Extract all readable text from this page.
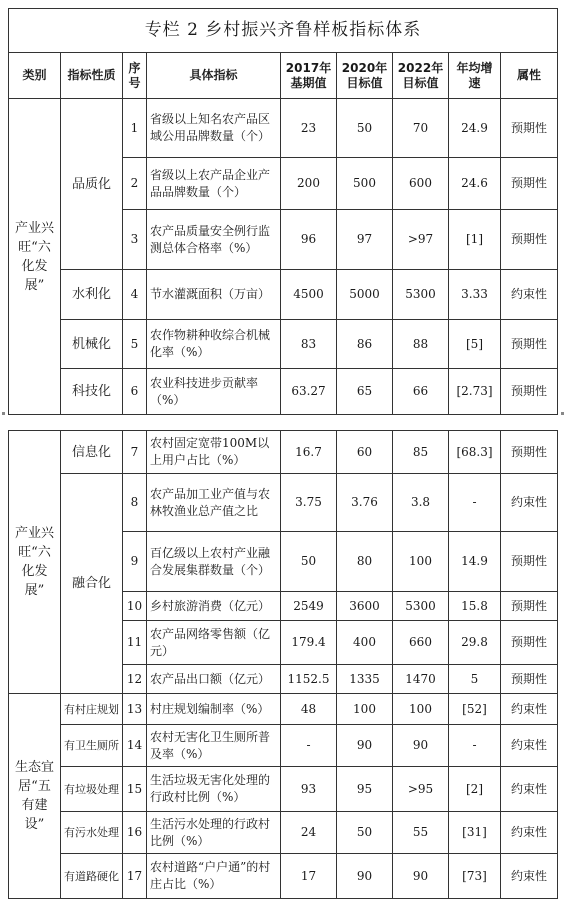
专栏 2 乡村振兴齐鲁样板指标体系								
类别	指标性质	序号	具体指标	2017年基期值	2020年目标值	2022年目标值	年均增速	属性
产业兴旺“六化发展”	品质化	1	省级以上知名农产品区域公用品牌数量（个）	23	50	70	24.9	预期性
		2	省级以上农产品企业产品品牌数量（个）	200	500	600	24.6	预期性
		3	农产品质量安全例行监测总体合格率（%）	96	97	>97	[1]	预期性
	水利化	4	节水灌溉面积（万亩）	4500	5000	5300	3.33	约束性
	机械化	5	农作物耕种收综合机械化率（%）	83	86	88	[5]	预期性
	科技化	6	农业科技进步贡献率（%）	63.27	65	66	[2.73]	预期性
产业兴旺“六化发展”	信息化	7	农村固定宽带100M以上用户占比（%）	16.7	60	85	[68.3]	预期性
	融合化	8	农产品加工业产值与农林牧渔业总产值之比	3.75	3.76	3.8	-	约束性
		9	百亿级以上农村产业融合发展集群数量（个）	50	80	100	14.9	预期性
		10	乡村旅游消费（亿元）	2549	3600	5300	15.8	预期性
		11	农产品网络零售额（亿元）	179.4	400	660	29.8	预期性
		12	农产品出口额（亿元）	1152.5	1335	1470	5	预期性
生态宜居“五有建设”	有村庄规划	13	村庄规划编制率（%）	48	100	100	[52]	约束性
	有卫生厕所	14	农村无害化卫生厕所普及率（%）	-	90	90	-	约束性
	有垃圾处理	15	生活垃圾无害化处理的行政村比例（%）	93	95	>95	[2]	约束性
	有污水处理	16	生活污水处理的行政村比例（%）	24	50	55	[31]	约束性
	有道路硬化	17	农村道路“户户通”的村庄占比（%）	17	90	90	[73]	约束性
